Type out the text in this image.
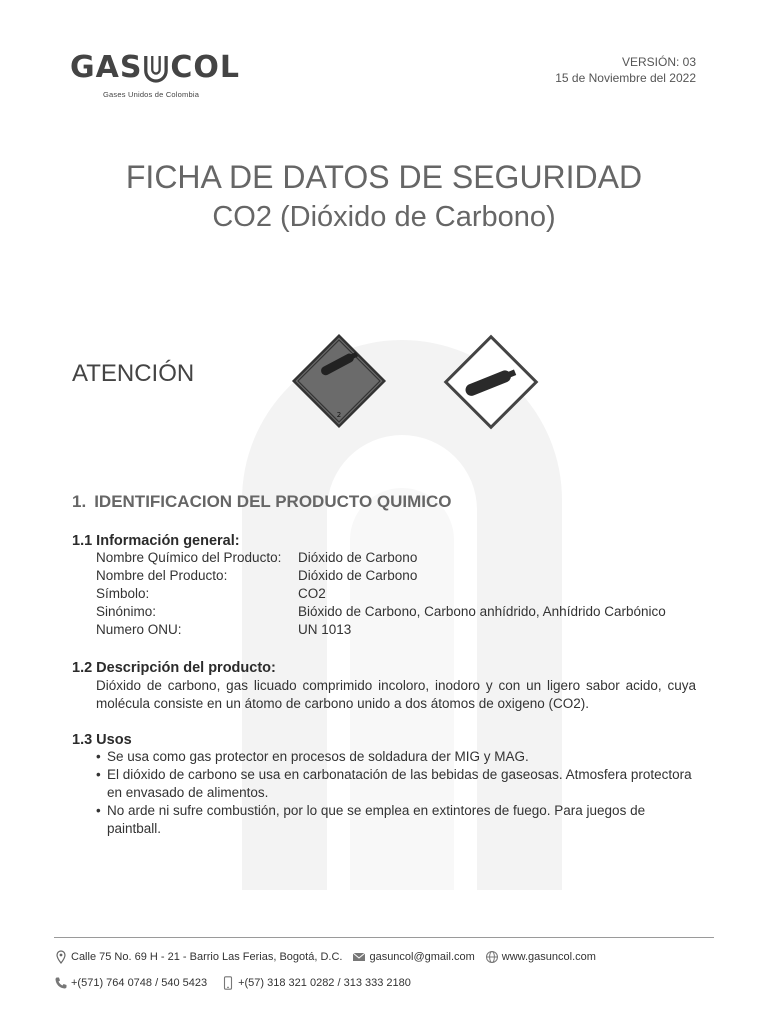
GAS COL
Gases Unidos de Colombia
VERSIÓN: 03
15 de Noviembre del 2022
FICHA DE DATOS DE SEGURIDAD
CO2 (Dióxido de Carbono)
ATENCIÓN
2
1. IDENTIFICACION DEL PRODUCTO QUIMICO
1.1 Información general:
Nombre Químico del Producto:	Dióxido de Carbono
Nombre del Producto:	Dióxido de Carbono
Símbolo:	CO2
Sinónimo:	Bióxido de Carbono, Carbono anhídrido, Anhídrido Carbónico
Numero ONU:	UN 1013
1.2 Descripción del producto:
Dióxido de carbono, gas licuado comprimido incoloro, inodoro y con un ligero sabor acido, cuya molécula consiste en un átomo de carbono unido a dos átomos de oxigeno (CO2).
1.3 Usos
• Se usa como gas protector en procesos de soldadura der MIG y MAG.
• El dióxido de carbono se usa en carbonatación de las bebidas de gaseosas. Atmosfera protectora en envasado de alimentos.
• No arde ni sufre combustión, por lo que se emplea en extintores de fuego. Para juegos de paintball.
Calle 75 No. 69 H - 21 - Barrio Las Ferias, Bogotá, D.C. gasuncol@gmail.com www.gasuncol.com
+(571) 764 0748 / 540 5423	+(57) 318 321 0282 / 313 333 2180
